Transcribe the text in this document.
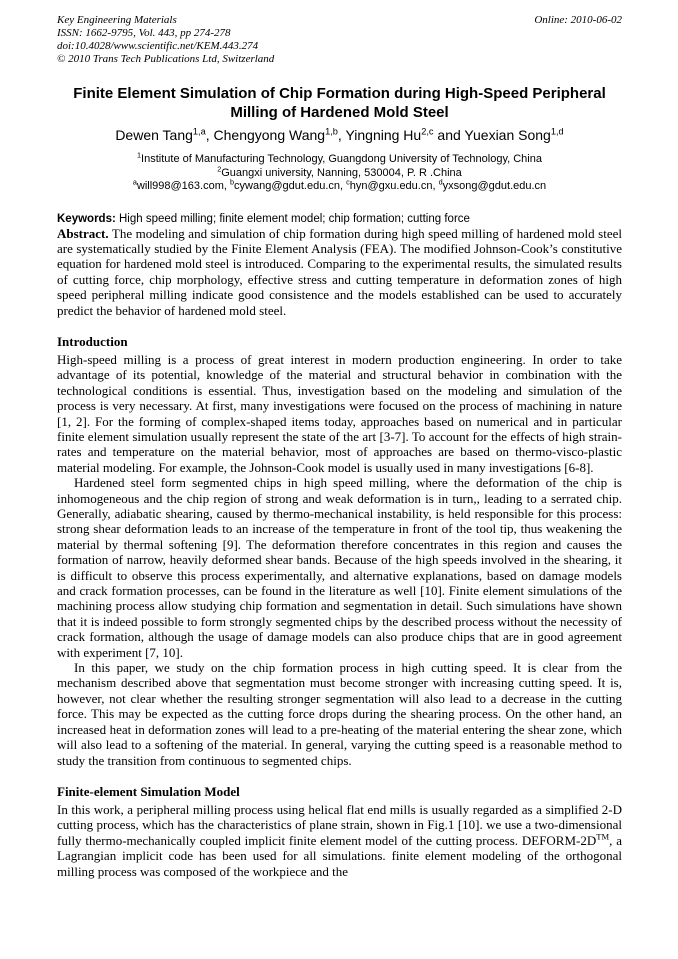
Key Engineering Materials
ISSN: 1662-9795, Vol. 443, pp 274-278
doi:10.4028/www.scientific.net/KEM.443.274
© 2010 Trans Tech Publications Ltd, Switzerland
Online: 2010-06-02
Finite Element Simulation of Chip Formation during High-Speed Peripheral Milling of Hardened Mold Steel
Dewen Tang$^{1,a}$, Chengyong Wang$^{1,b}$, Yingning Hu$^{2,c}$ and Yuexian Song$^{1,d}$
$^1$Institute of Manufacturing Technology, Guangdong University of Technology, China
$^2$Guangxi university, Nanning, 530004, P. R .China
$^a$will998@163.com, $^b$cywang@gdut.edu.cn, $^c$hyn@gxu.edu.cn, $^d$yxsong@gdut.edu.cn
Keywords: High speed milling; finite element model; chip formation; cutting force

Abstract. The modeling and simulation of chip formation during high speed milling of hardened mold steel are systematically studied by the Finite Element Analysis (FEA). The modified Johnson-Cook’s constitutive equation for hardened mold steel is introduced. Comparing to the experimental results, the simulated results of cutting force, chip morphology, effective stress and cutting temperature in deformation zones of high speed peripheral milling indicate good consistence and the models established can be used to accurately predict the behavior of hardened mold steel.

Introduction

High-speed milling is a process of great interest in modern production engineering. In order to take advantage of its potential, knowledge of the material and structural behavior in combination with the technological conditions is essential. Thus, investigation based on the modeling and simulation of the process is very necessary. At first, many investigations were focused on the process of machining in nature [1, 2]. For the forming of complex-shaped items today, approaches based on numerical and in particular finite element simulation usually represent the state of the art [3-7]. To account for the effects of high strain-rates and temperature on the material behavior, most of approaches are based on thermo-visco-plastic material modeling. For example, the Johnson-Cook model is usually used in many investigations [6-8].

Hardened steel form segmented chips in high speed milling, where the deformation of the chip is inhomogeneous and the chip region of strong and weak deformation is in turn,, leading to a serrated chip. Generally, adiabatic shearing, caused by thermo-mechanical instability, is held responsible for this process: strong shear deformation leads to an increase of the temperature in front of the tool tip, thus weakening the material by thermal softening [9]. The deformation therefore concentrates in this region and causes the formation of narrow, heavily deformed shear bands. Because of the high speeds involved in the shearing, it is difficult to observe this process experimentally, and alternative explanations, based on damage models and crack formation processes, can be found in the literature as well [10]. Finite element simulations of the machining process allow studying chip formation and segmentation in detail. Such simulations have shown that it is indeed possible to form strongly segmented chips by the described process without the necessity of crack formation, although the usage of damage models can also produce chips that are in good agreement with experiment [7, 10].

In this paper, we study on the chip formation process in high cutting speed. It is clear from the mechanism described above that segmentation must become stronger with increasing cutting speed. It is, however, not clear whether the resulting stronger segmentation will also lead to a decrease in the cutting force. This may be expected as the cutting force drops during the shearing process. On the other hand, an increased heat in deformation zones will lead to a pre-heating of the material entering the shear zone, which will also lead to a softening of the material. In general, varying the cutting speed is a reasonable method to study the transition from continuous to segmented chips.

Finite-element Simulation Model

In this work, a peripheral milling process using helical flat end mills is usually regarded as a simplified 2-D cutting process, which has the characteristics of plane strain, shown in Fig.1 [10]. we use a two-dimensional fully thermo-mechanically coupled implicit finite element model of the cutting process. DEFORM-2D™, a Lagrangian implicit code has been used for all simulations. finite element modeling of the orthogonal milling process was composed of the workpiece and the
